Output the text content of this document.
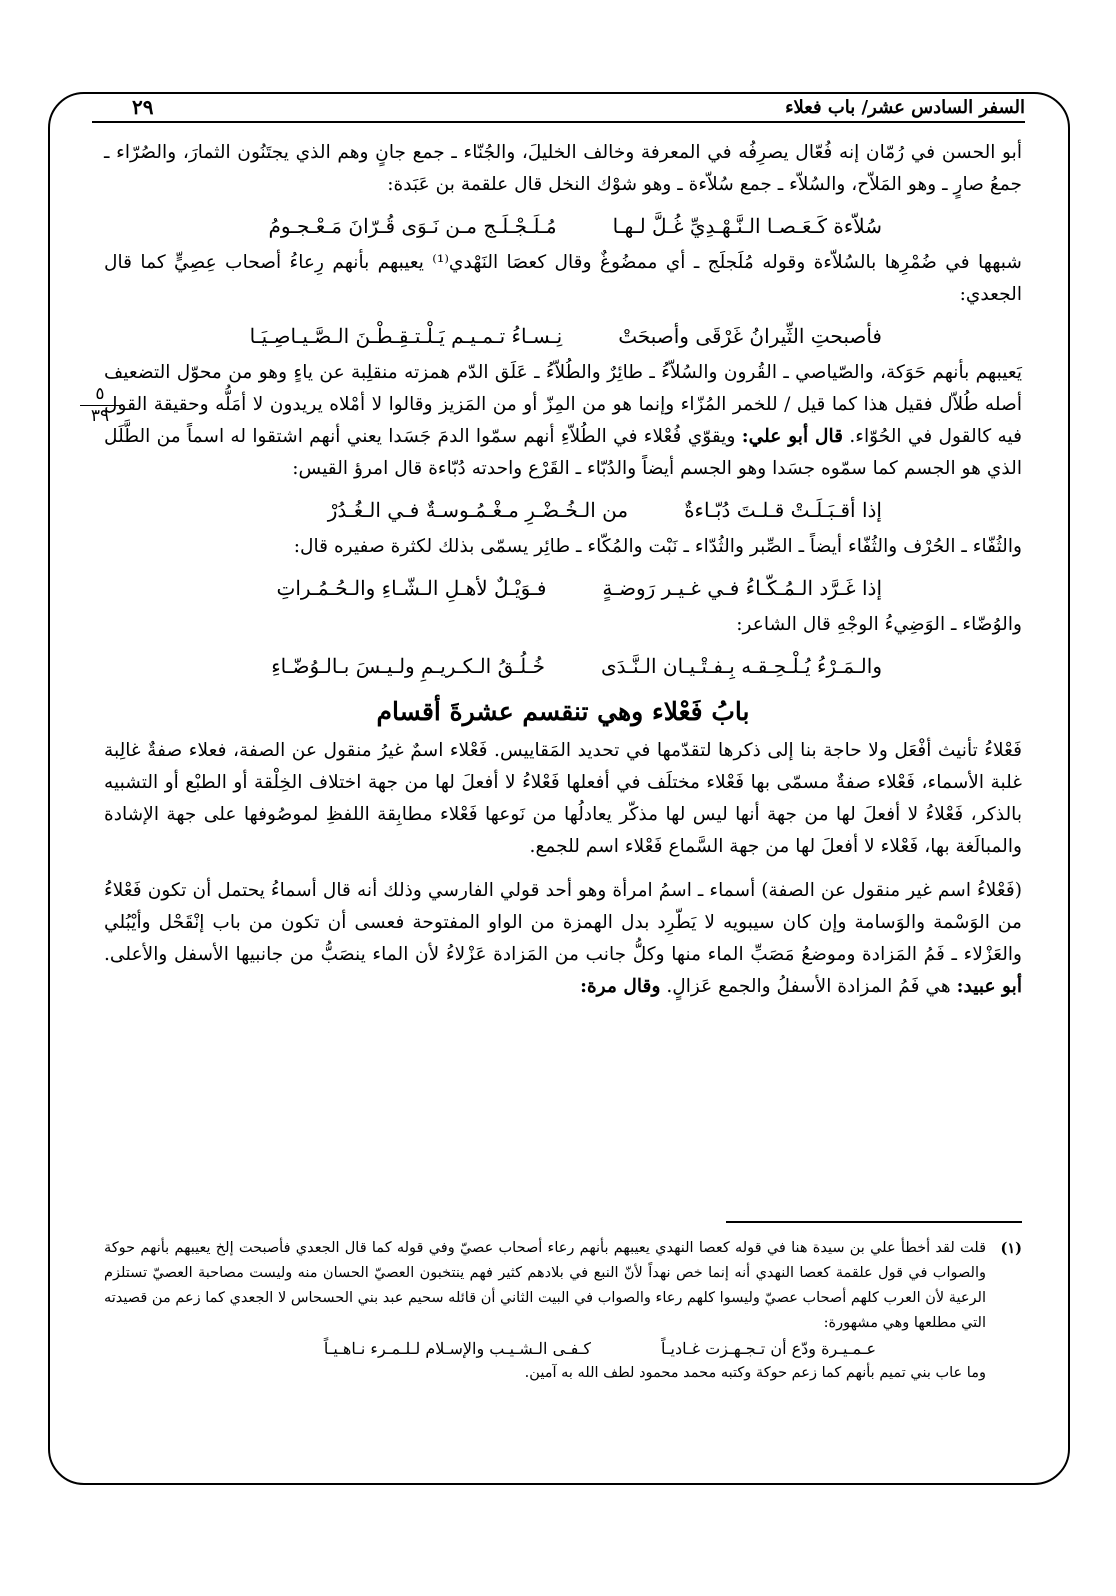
السفر السادس عشر/ باب فعلاء
٢٩
٥
٣٩

أبو الحسن في رُمّان إنه فُعّال يصرِفُه في المعرفة وخالف الخليلَ، والجُنّاء ـ جمع جانٍ وهم الذي يجتَنُون الثمارَ، والصُرّاء ـ جمعُ صارٍ ـ وهو المَلاّح، والسُلاّء ـ جمع سُلاّءة ـ وهو شوْك النخل قال علقمة بن عَبَدة:

سُلاّءة كَـعَـصـا الـنَّـهْـدِيِّ غُـلَّ لـهـا
مُـلَـجْـلَـج مـن نَـوَى قُـرّانَ مَـعْـجـومُ

شبهها في ضُمْرِها بالسُلاّءة وقوله مُلَجلَج ـ أي ممضُوغٌ وقال كعصَا النَهْدي⁽¹⁾ يعيبهم بأنهم رِعاءُ أصحاب عِصِيٍّ كما قال الجعدي:

فأصبحتِ الثِّيرانُ غَرْقَى وأصبحَتْ
نِـسـاءُ تـمـيـم يَـلْـتـقِـطْـنَ الـصَّـيـاصِـيَـا

يَعيبهم بأنهم حَوَكة، والصّياصي ـ القُرون والسُلاّءُ ـ طائِرٌ والطُلاّءُ ـ عَلَق الدّم همزته منقلِبة عن ياءٍ وهو من محوّل التضعيف أصله طُلاّل فقيل هذا كما قيل / للخمر المُزّاء وإنما هو من المِزّ أو من المَزيز وقالوا لا أمْلاه يريدون لا أمَلُّه وحقيقة القول فيه كالقول في الحُوّاء. قال أبو علي: ويقوّي فُعْلاء في الطُلاّءِ أنهم سمّوا الدمَ جَسَدا يعني أنهم اشتقوا له اسماً من الطَّلَل الذي هو الجسم كما سمّوه جسَدا وهو الجسم أيضاً والدُبّاء ـ القَرْع واحدته دُبّاءة قال امرؤ القيس:

إذا أقـبَـلَـتْ قـلـتَ دُبّـاءةٌ
من الـخُـضْـرِ مـغْـمُـوسـةٌ فـي الـغُـدُرْ

والثُفّاء ـ الحُرْف والثُفّاء أيضاً ـ الصِّبر والثُدّاء ـ نَبْت والمُكّاء ـ طائِر يسمّى بذلك لكثرة صفيره قال:

إذا غَـرَّد الـمُـكّـاءُ فـي غـيـر رَوضـةٍ
فـوَيْـلٌ لأهـلِ الـشّـاءِ والـحُـمُـراتِ

والوُضّاء ـ الوَضِيءُ الوجْهِ قال الشاعر:

والـمَـرْءُ يُـلْـحِـقـه بِـفـتْـيـان الـنَّـدَى
خُـلُـقُ الـكـريـمِ ولـيـسَ بـالـوُضّـاءِ
بابُ فَعْلاء وهي تنقسم عشرةَ أقسام

فَعْلاءُ تأنيث أفْعَل ولا حاجة بنا إلى ذكرها لتقدّمها في تحديد المَقاييس. فَعْلاء اسمٌ غيرُ منقول عن الصفة، فعلاء صفةٌ غالِبة غلبة الأسماء، فَعْلاء صفةٌ مسمّى بها فَعْلاء مختلَف في أفعلها فَعْلاءُ لا أفعلَ لها من جهة اختلاف الخِلْقة أو الطبْع أو التشبيه بالذكر، فَعْلاءُ لا أفعلَ لها من جهة أنها ليس لها مذكّر يعادلُها من نَوعها فَعْلاء مطابِقة اللفظِ لموصُوفها على جهة الإشادة والمبالَغة بها، فَعْلاء لا أفعلَ لها من جهة السَّماع فَعْلاء اسم للجمع.

(فَعْلاءُ اسم غير منقول عن الصفة) أسماء ـ اسمُ امرأة وهو أحد قولي الفارسي وذلك أنه قال أسماءُ يحتمل أن تكون فَعْلاءُ من الوَسْمة والوَسامة وإن كان سيبويه لا يَطّرِد بدل الهمزة من الواو المفتوحة فعسى أن تكون من باب إنْقَحْل وأيْبُلي والعَزْلاء ـ فَمُ المَزادة وموضعُ مَصَبِّ الماء منها وكلُّ جانب من المَزادة عَزْلاءُ لأن الماء ينصَبُّ من جانبيها الأسفل والأعلى. أبو عبيد: هي فَمُ المزادة الأسفلُ والجمع عَزالٍ. وقال مرة:

(١)
قلت لقد أخطأ علي بن سيدة هنا في قوله كعصا النهدي يعيبهم بأنهم رعاء أصحاب عصيّ وفي قوله كما قال الجعدي فأصبحت إلخ يعيبهم بأنهم حوكة والصواب في قول علقمة كعصا النهدي أنه إنما خص نهداً لأنّ النبع في بلادهم كثير فهم ينتخبون العصيّ الحسان منه وليست مصاحبة العصيّ تستلزم الرعية لأن العرب كلهم أصحاب عصيّ وليسوا كلهم رعاء والصواب في البيت الثاني أن قائله سحيم عبد بني الحسحاس لا الجعدي كما زعم من قصيدته التي مطلعها وهي مشهورة:
عـمـيـرة ودّع أن تـجـهـزت غـاديـاً
كـفـى الـشـيـب والإسـلام لـلـمـرء نـاهـيـاً
وما عاب بني تميم بأنهم كما زعم حوكة وكتبه محمد محمود لطف الله به آمين.
